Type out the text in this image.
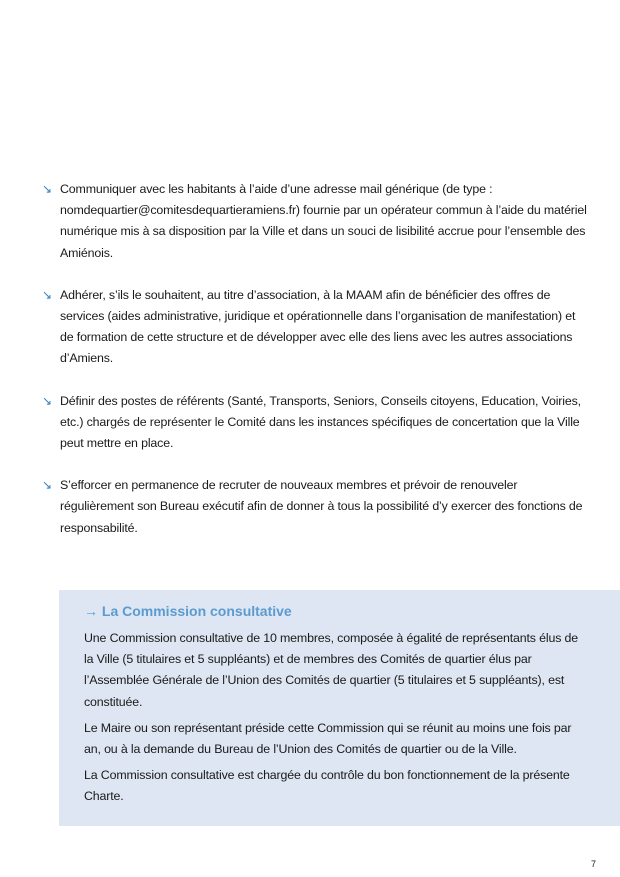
↘ Communiquer avec les habitants à l’aide d’une adresse mail générique (de type : nomdequartier@comitesdequartieramiens.fr) fournie par un opérateur commun à l’aide du matériel numérique mis à sa disposition par la Ville et dans un souci de lisibilité accrue pour l’ensemble des Amiénois.
↘ Adhérer, s’ils le souhaitent, au titre d’association, à la MAAM afin de bénéficier des offres de services (aides administrative, juridique et opérationnelle dans l’organisation de manifestation) et de formation de cette structure et de développer avec elle des liens avec les autres associations d’Amiens.
↘ Définir des postes de référents (Santé, Transports, Seniors, Conseils citoyens, Education, Voiries, etc.) chargés de représenter le Comité dans les instances spécifiques de concertation que la Ville peut mettre en place.
↘ S’efforcer en permanence de recruter de nouveaux membres et prévoir de renouveler régulièrement son Bureau exécutif afin de donner à tous la possibilité d’y exercer des fonctions de responsabilité.
→ La Commission consultative

Une Commission consultative de 10 membres, composée à égalité de représentants élus de la Ville (5 titulaires et 5 suppléants) et de membres des Comités de quartier élus par l’Assemblée Générale de l’Union des Comités de quartier (5 titulaires et 5 suppléants), est constituée.

Le Maire ou son représentant préside cette Commission qui se réunit au moins une fois par an, ou à la demande du Bureau de l’Union des Comités de quartier ou de la Ville.

La Commission consultative est chargée du contrôle du bon fonctionnement de la présente Charte.

7
